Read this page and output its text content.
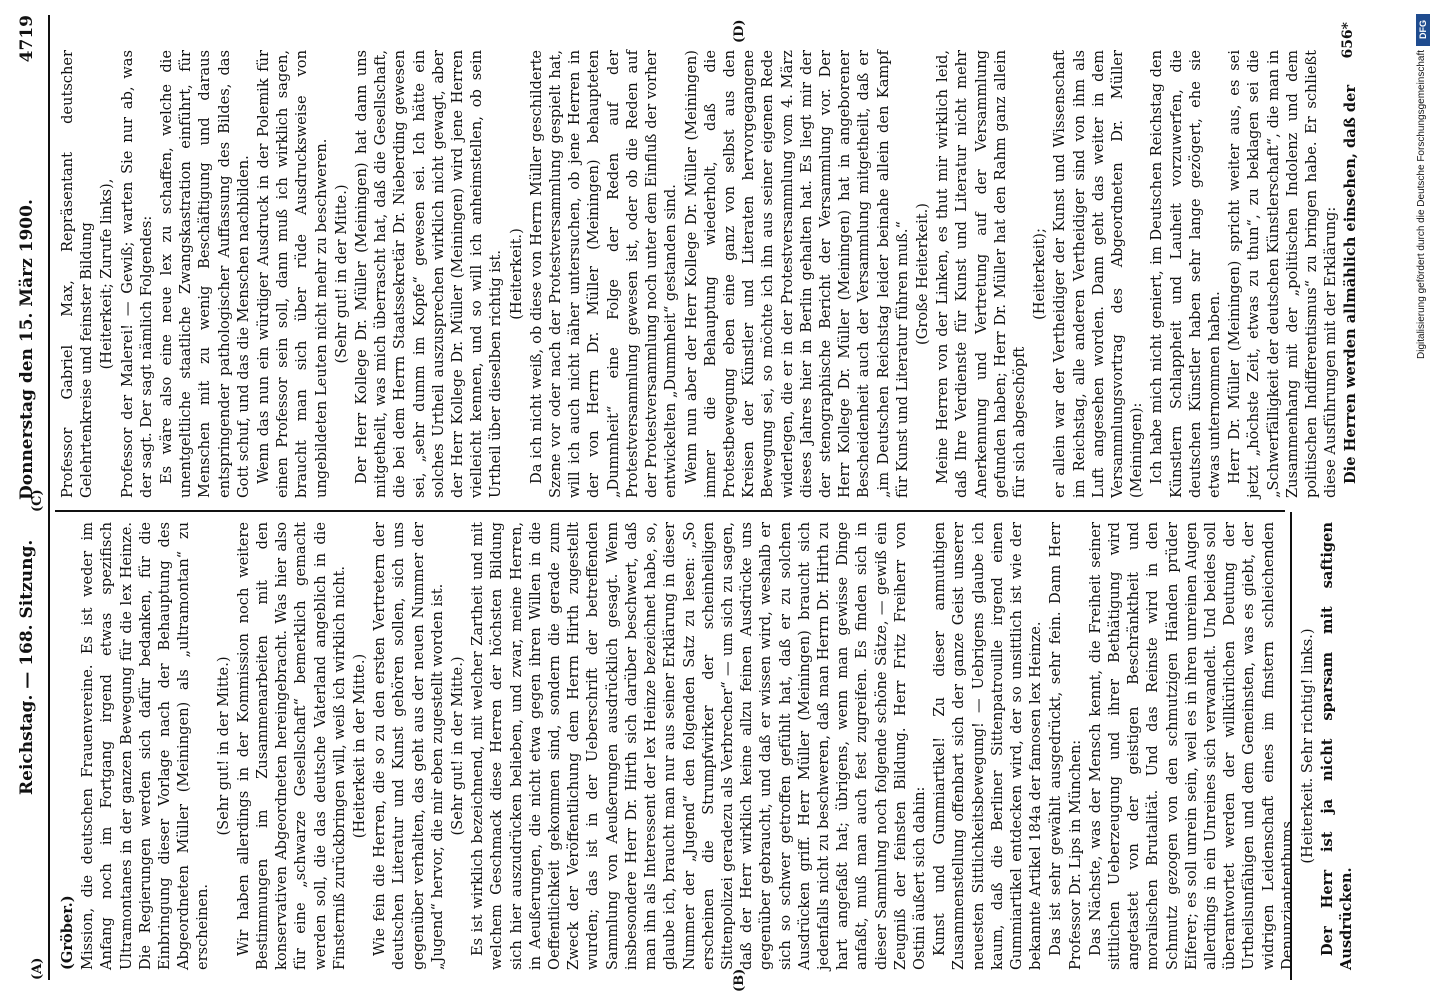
Reichstag. — 168. Sitzung.
Donnerstag den 15. März 1900.
4719
(A)	(B)
(C)
(D)

(Gröber.) Mission, die deutschen Frauenvereine. Es ist weder im Anfang noch im Fortgang irgend etwas spezifisch Ultramontanes in der ganzen Bewegung für die lex Heinze. Die Regierungen werden sich dafür bedanken, für die Einbringung dieser Vorlage nach der Behauptung des Abgeordneten Müller (Meiningen) als „ultramontan“ zu erscheinen.

(Sehr gut! in der Mitte.) Wir haben allerdings in der Kommission noch weitere Bestimmungen im Zusammenarbeiten mit den konservativen Abgeordneten hereingebracht. Was hier also für eine „schwarze Gesellschaft“ bemerklich gemacht werden soll, die das deutsche Vaterland angeblich in die Finsterniß zurückbringen will, weiß ich wirklich nicht. (Heiterkeit in der Mitte.) Wie fein die Herren, die so zu den ersten Vertretern der deutschen Literatur und Kunst gehören sollen, sich uns gegenüber verhalten, das geht aus der neuen Nummer der „Jugend“ hervor, die mir eben zugestellt worden ist. (Sehr gut! in der Mitte.) Es ist wirklich bezeichnend, mit welcher Zartheit und mit welchem Geschmack diese Herren der höchsten Bildung sich hier auszudrücken belieben, und zwar, meine Herren, in Aeußerungen, die nicht etwa gegen ihren Willen in die Oeffentlichkeit gekommen sind, sondern die gerade zum Zweck der Veröffentlichung dem Herrn Hirth zugestellt wurden; das ist in der Ueberschrift der betreffenden Sammlung von Aeußerungen ausdrücklich gesagt. Wenn insbesondere Herr Dr. Hirth sich darüber beschwert, daß man ihn als Interessent der lex Heinze bezeichnet habe, so, glaube ich, braucht man nur aus seiner Erklärung in dieser Nummer der „Jugend“ den folgenden Satz zu lesen: „So erscheinen die Strumpfwirker der scheinheiligen Sittenpolizei geradezu als Verbrecher“ — um sich zu sagen, daß der Herr wirklich keine allzu feinen Ausdrücke uns gegenüber gebraucht, und daß er wissen wird, weshalb er sich so schwer getroffen gefühlt hat, daß er zu solchen Ausdrücken griff. Herr Müller (Meiningen) braucht sich jedenfalls nicht zu beschweren, daß man Herrn Dr. Hirth zu hart angefaßt hat; übrigens, wenn man gewisse Dinge anfaßt, muß man auch fest zugreifen. Es finden sich in dieser Sammlung noch folgende schöne Sätze, — gewiß ein Zeugniß der feinsten Bildung. Herr Fritz Freiherr von Ostini äußert sich dahin: Kunst und Gummiartikel! Zu dieser anmuthigen Zusammenstellung offenbart sich der ganze Geist unserer neuesten Sittlichkeitsbewegung! — Uebrigens glaube ich kaum, daß die Berliner Sittenpatrouille irgend einen Gummiartikel entdecken wird, der so unsittlich ist wie der bekannte Artikel 184a der famosen lex Heinze. Das ist sehr gewählt ausgedrückt, sehr fein. Dann Herr Professor Dr. Lips in München: Das Nächste, was der Mensch kennt, die Freiheit seiner sittlichen Ueberzeugung und ihrer Bethätigung wird angetastet von der geistigen Beschränktheit und moralischen Brutalität. Und das Reinste wird in den Schmutz gezogen von den schmutzigen Händen prüder Eiferer; es soll unrein sein, weil es in ihren unreinen Augen allerdings in ein Unreines sich verwandelt. Und beides soll überantwortet werden der willkürlichen Deutung der Urtheilsunfähigen und dem Gemeinsten, was es giebt, der widrigen Leidenschaft eines im finstern schleichenden Denunziantenthums.

(Heiterkeit. Sehr richtig! links.) Der Herr ist ja nicht sparsam mit saftigen Ausdrücken.

Professor Gabriel Max, Repräsentant deutscher Gelehrtenkreise und feinster Bildung (Heiterkeit; Zurufe links), Professor der Malerei! — Gewiß; warten Sie nur ab, was der sagt. Der sagt nämlich Folgendes: Es wäre also eine neue lex zu schaffen, welche die unentgeltliche staatliche Zwangskastration einführt, für Menschen mit zu wenig Beschäftigung und daraus entspringender pathologischer Auffassung des Bildes, das Gott schuf, und das die Menschen nachbilden. Wenn das nun ein würdiger Ausdruck in der Polemik für einen Professor sein soll, dann muß ich wirklich sagen, braucht man sich über rüde Ausdrucksweise von ungebildeten Leuten nicht mehr zu beschweren. (Sehr gut! in der Mitte.) Der Herr Kollege Dr. Müller (Meiningen) hat dann uns mitgetheilt, was mich überrascht hat, daß die Gesellschaft, die bei dem Herrn Staatssekretär Dr. Nieberding gewesen sei, „sehr dumm im Kopfe“ gewesen sei. Ich hätte ein solches Urtheil auszusprechen wirklich nicht gewagt, aber der Herr Kollege Dr. Müller (Meiningen) wird jene Herren vielleicht kennen, und so will ich anheimstellen, ob sein Urtheil über dieselben richtig ist. (Heiterkeit.) Da ich nicht weiß, ob diese von Herrn Müller geschilderte Szene vor oder nach der Protestversammlung gespielt hat, will ich auch nicht näher untersuchen, ob jene Herren in der von Herrn Dr. Müller (Meiningen) behaupteten „Dummheit“ eine Folge der Reden auf der Protestversammlung gewesen ist, oder ob die Reden auf der Protestversammlung noch unter dem Einfluß der vorher entwickelten „Dummheit“ gestanden sind. Wenn nun aber der Herr Kollege Dr. Müller (Meiningen) immer die Behauptung wiederholt, daß die Protestbewegung eben eine ganz von selbst aus den Kreisen der Künstler und Literaten hervorgegangene Bewegung sei, so möchte ich ihn aus seiner eigenen Rede widerlegen, die er in der Protestversammlung vom 4. März dieses Jahres hier in Berlin gehalten hat. Es liegt mir der der stenographische Bericht der Versammlung vor. Der Herr Kollege Dr. Müller (Meiningen) hat in angeborener Bescheidenheit auch der Versammlung mitgetheilt, daß er „im Deutschen Reichstag leider beinahe allein den Kampf für Kunst und Literatur führen muß.“ (Große Heiterkeit.) Meine Herren von der Linken, es thut mir wirklich leid, daß Ihre Verdienste für Kunst und Literatur nicht mehr Anerkennung und Vertretung auf der Versammlung gefunden haben; Herr Dr. Müller hat den Rahm ganz allein für sich abgeschöpft

(Heiterkeit); er allein war der Vertheidiger der Kunst und Wissenschaft im Reichstag, alle anderen Vertheidiger sind von ihm als Luft angesehen worden. Dann geht das weiter in dem Versammlungsvortrag des Abgeordneten Dr. Müller (Meiningen): Ich habe mich nicht geniert, im Deutschen Reichstag den Künstlern Schlappheit und Lauheit vorzuwerfen, die deutschen Künstler haben sehr lange gezögert, ehe sie etwas unternommen haben. Herr Dr. Müller (Meiningen) spricht weiter aus, es sei jetzt „höchste Zeit, etwas zu thun“, zu beklagen sei die „Schwerfälligkeit der deutschen Künstlerschaft“, die man in Zusammenhang mit der „politischen Indolenz und dem politischen Indifferentismus“ zu bringen habe. Er schließt diese Ausführungen mit der Erklärung: Die Herren werden allmählich einsehen, daß der

656*	DFG
Digitalisierung gefördert durch die Deutsche Forschungsgemeinschaft
